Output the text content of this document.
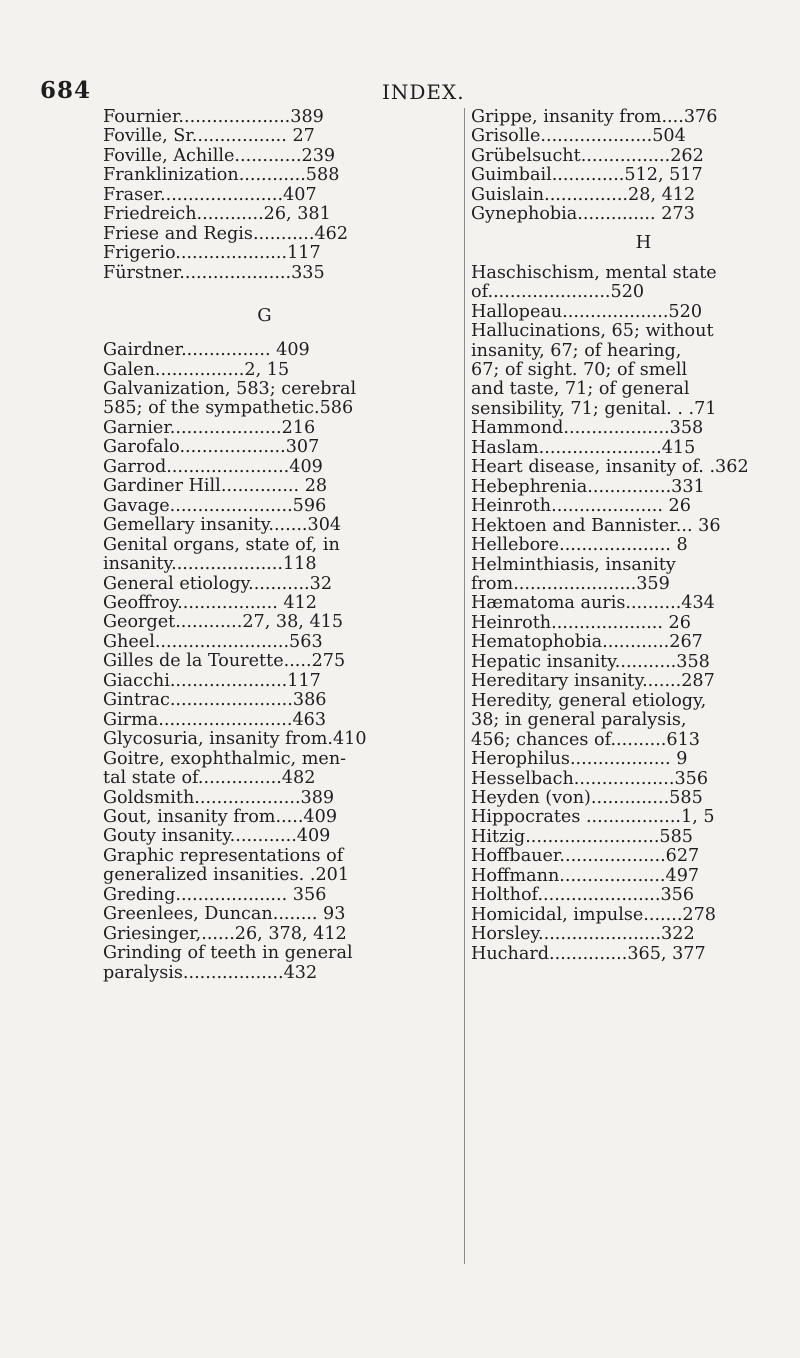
684	INDEX.
Fournier....................389
Foville, Sr................. 27
Foville, Achille............239
Franklinization............588
Fraser......................407
Friedreich............26, 381
Friese and Regis...........462
Frigerio....................117
Fürstner....................335
G
Gairdner................ 409
Galen................2, 15
Galvanization, 583; cerebral
585; of the sympathetic.586
Garnier....................216
Garofalo...................307
Garrod......................409
Gardiner Hill.............. 28
Gavage......................596
Gemellary insanity.......304
Genital organs, state of, in
insanity....................118
General etiology...........32
Geoffroy.................. 412
Georget............27, 38, 415
Gheel........................563
Gilles de la Tourette.....275
Giacchi.....................117
Gintrac......................386
Girma........................463
Glycosuria, insanity from.410
Goitre, exophthalmic, men-
tal state of...............482
Goldsmith...................389
Gout, insanity from.....409
Gouty insanity............409
Graphic representations of
generalized insanities. .201
Greding.................... 356
Greenlees, Duncan........ 93
Griesinger,......26, 378, 412
Grinding of teeth in general
paralysis..................432
Grippe, insanity from....376
Grisolle....................504
Grübelsucht................262
Guimbail.............512, 517
Guislain...............28, 412
Gynephobia.............. 273
H
Haschischism, mental state
of......................520
Hallopeau...................520
Hallucinations, 65; without
insanity, 67; of hearing,
67; of sight. 70; of smell
and taste, 71; of general
sensibility, 71; genital. . .71
Hammond...................358
Haslam......................415
Heart disease, insanity of. .362
Hebephrenia...............331
Heinroth.................... 26
Hektoen and Bannister... 36
Hellebore.................... 8
Helminthiasis, insanity
from......................359
Hæmatoma auris..........434
Heinroth.................... 26
Hematophobia............267
Hepatic insanity...........358
Hereditary insanity.......287
Heredity, general etiology,
38; in general paralysis,
456; chances of..........613
Herophilus.................. 9
Hesselbach..................356
Heyden (von)..............585
Hippocrates .................1, 5
Hitzig........................585
Hoffbauer...................627
Hoffmann...................497
Holthof......................356
Homicidal, impulse.......278
Horsley......................322
Huchard..............365, 377
